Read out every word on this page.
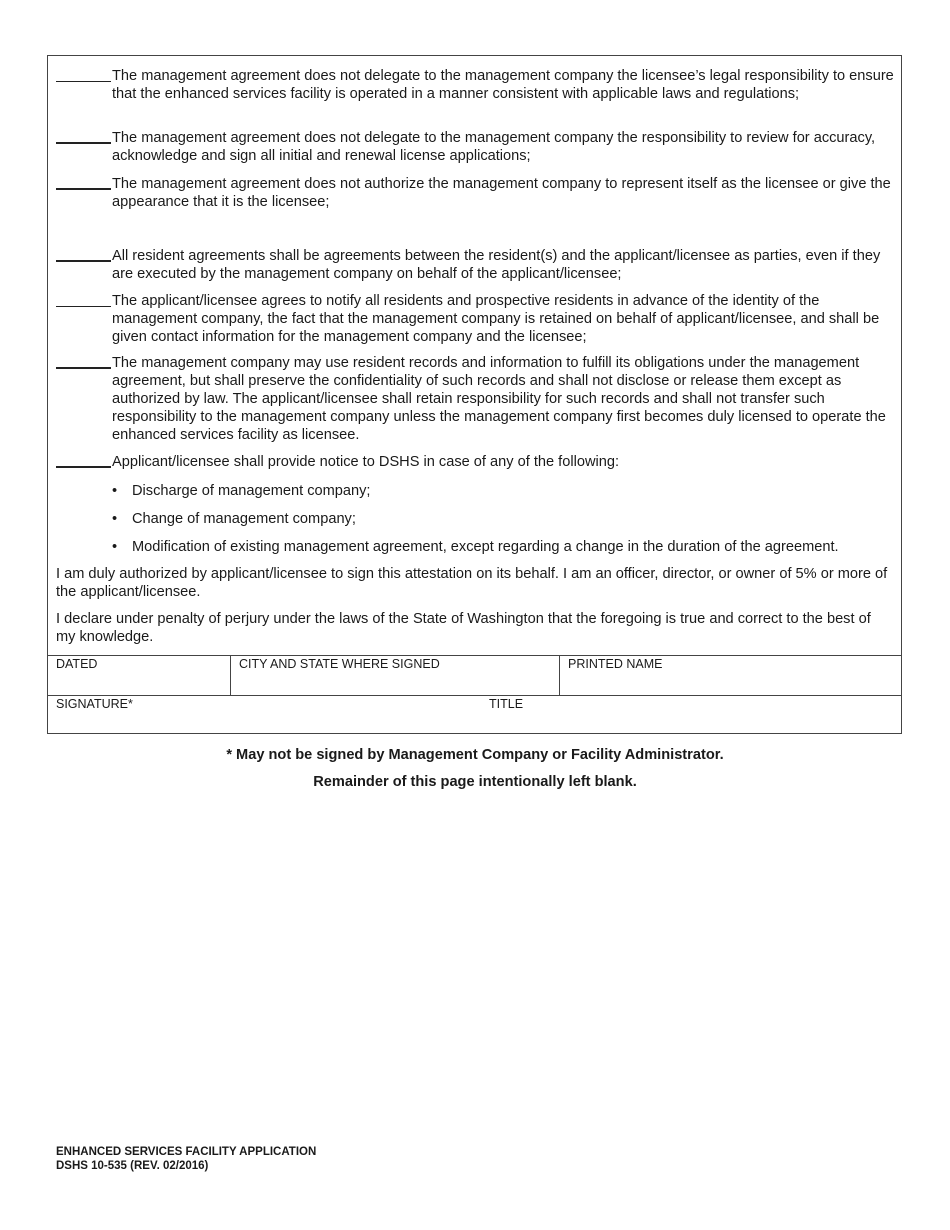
The management agreement does not delegate to the management company the licensee’s legal responsibility to ensure that the enhanced services facility is operated in a manner consistent with applicable laws and regulations;
The management agreement does not delegate to the management company the responsibility to review for accuracy, acknowledge and sign all initial and renewal license applications;
The management agreement does not authorize the management company to represent itself as the licensee or give the appearance that it is the licensee;
All resident agreements shall be agreements between the resident(s) and the applicant/licensee as parties, even if they are executed by the management company on behalf of the applicant/licensee;
The applicant/licensee agrees to notify all residents and prospective residents in advance of the identity of the management company, the fact that the management company is retained on behalf of applicant/licensee, and shall be given contact information for the management company and the licensee;
The management company may use resident records and information to fulfill its obligations under the management agreement, but shall preserve the confidentiality of such records and shall not disclose or release them except as authorized by law. The applicant/licensee shall retain responsibility for such records and shall not transfer such responsibility to the management company unless the management company first becomes duly licensed to operate the enhanced services facility as licensee.
Applicant/licensee shall provide notice to DSHS in case of any of the following:
• Discharge of management company;
• Change of management company;
• Modification of existing management agreement, except regarding a change in the duration of the agreement.
I am duly authorized by applicant/licensee to sign this attestation on its behalf. I am an officer, director, or owner of 5% or more of the applicant/licensee.
I declare under penalty of perjury under the laws of the State of Washington that the foregoing is true and correct to the best of my knowledge.
DATED	CITY AND STATE WHERE SIGNED	PRINTED NAME
SIGNATURE*	TITLE
* May not be signed by Management Company or Facility Administrator.
Remainder of this page intentionally left blank.
ENHANCED SERVICES FACILITY APPLICATION
DSHS 10-535 (REV. 02/2016)
